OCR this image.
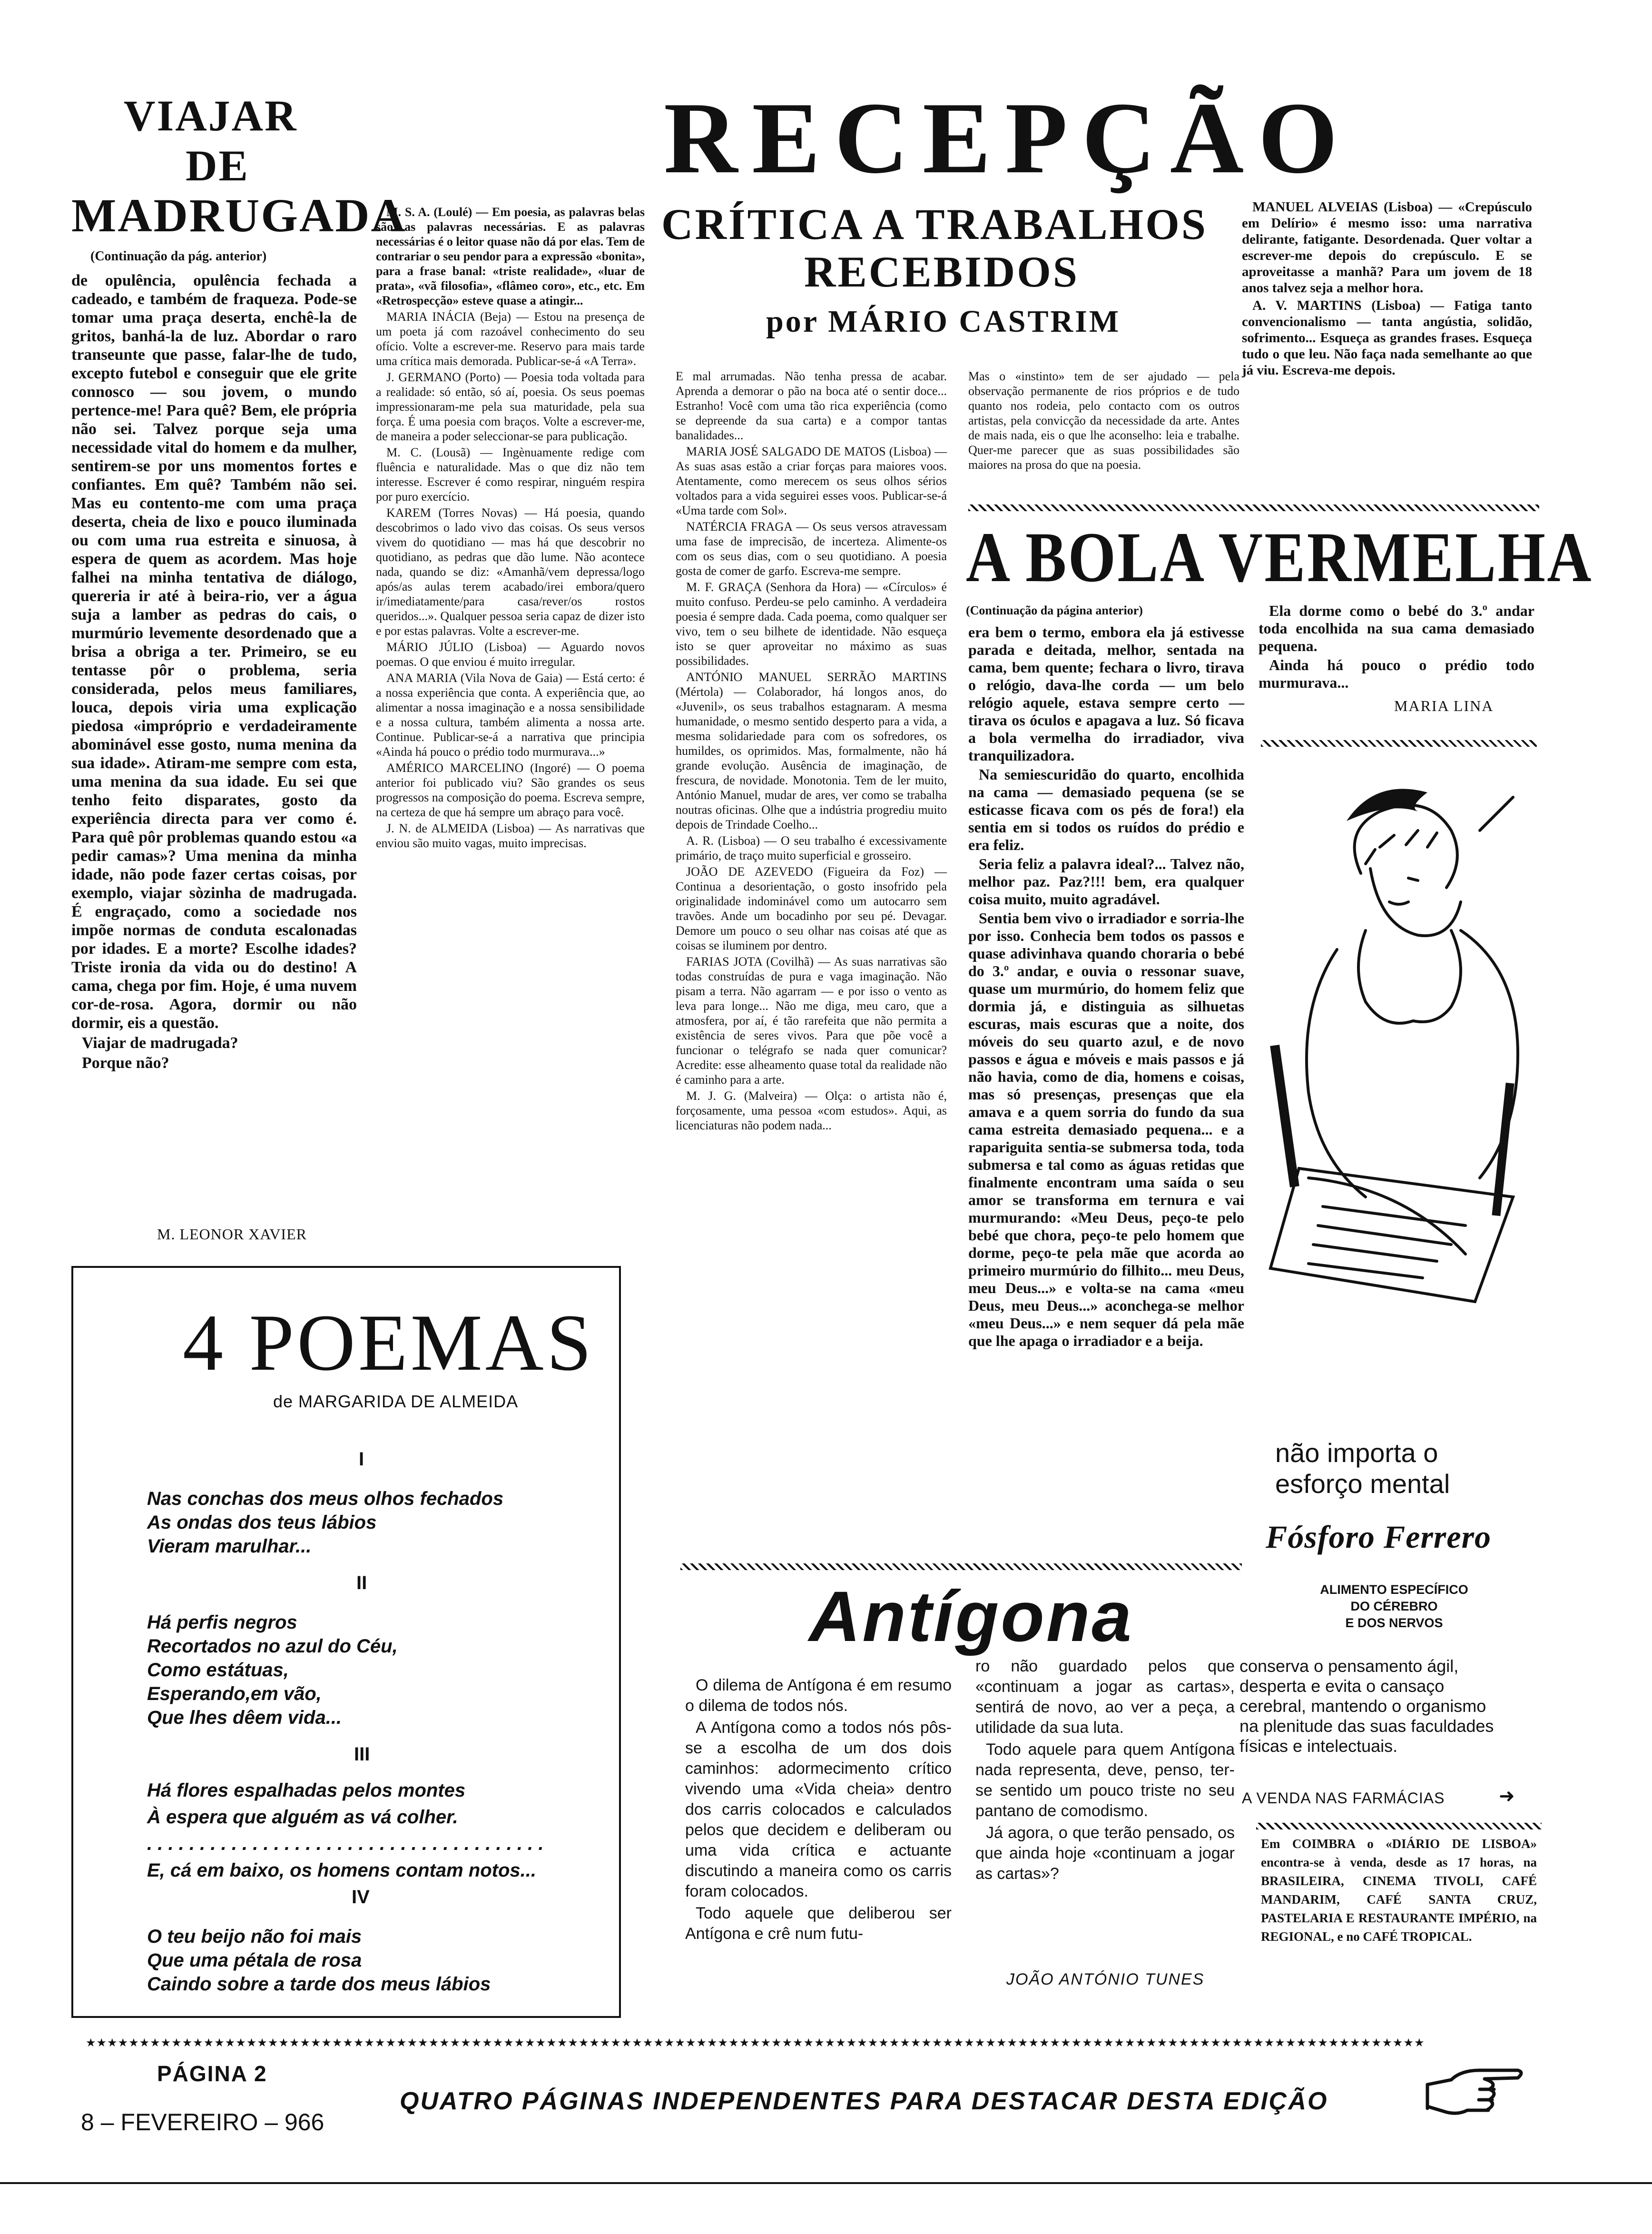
VIAJAR
DE
MADRUGADA
(Continuação da pág. anterior)

de opulência, opulência fechada a cadeado, e também de fraqueza. Pode-se tomar uma praça deserta, enchê-la de gritos, banhá-la de luz. Abordar o raro transeunte que passe, falar-lhe de tudo, excepto futebol e conseguir que ele grite connosco — sou jovem, o mundo pertence-me! Para quê? Bem, ele própria não sei. Talvez porque seja uma necessidade vital do homem e da mulher, sentirem-se por uns momentos fortes e confiantes. Em quê? Também não sei. Mas eu contento-me com uma praça deserta, cheia de lixo e pouco iluminada ou com uma rua estreita e sinuosa, à espera de quem as acordem. Mas hoje falhei na minha tentativa de diálogo, quereria ir até à beira-rio, ver a água suja a lamber as pedras do cais, o murmúrio levemente desordenado que a brisa a obriga a ter. Primeiro, se eu tentasse pôr o problema, seria considerada, pelos meus familiares, louca, depois viria uma explicação piedosa «impróprio e verdadeiramente abominável esse gosto, numa menina da sua idade». Atiram-me sempre com esta, uma menina da sua idade. Eu sei que tenho feito disparates, gosto da experiência directa para ver como é. Para quê pôr problemas quando estou «a pedir camas»? Uma menina da minha idade, não pode fazer certas coisas, por exemplo, viajar sòzinha de madrugada. É engraçado, como a sociedade nos impõe normas de conduta escalonadas por idades. E a morte? Escolhe idades? Triste ironia da vida ou do destino! A cama, chega por fim. Hoje, é uma nuvem cor-de-rosa. Agora, dormir ou não dormir, eis a questão.

Viajar de madrugada?

Porque não?

M. LEONOR XAVIER
RECEPÇÃO
CRÍTICA A TRABALHOS
RECEBIDOS
por MÁRIO CASTRIM

M. S. A. (Loulé) — Em poesia, as palavras belas são as palavras necessárias. E as palavras necessárias é o leitor quase não dá por elas. Tem de contrariar o seu pendor para a expressão «bonita», para a frase banal: «triste realidade», «luar de prata», «vã filosofia», «flâmeo coro», etc., etc. Em «Retrospecção» esteve quase a atingir...

MARIA INÁCIA (Beja) — Estou na presença de um poeta já com razoável conhecimento do seu ofício. Volte a escrever-me. Reservo para mais tarde uma crítica mais demorada. Publicar-se-á «A Terra».

J. GERMANO (Porto) — Poesia toda voltada para a realidade: só então, só aí, poesia. Os seus poemas impressionaram-me pela sua maturidade, pela sua força. É uma poesia com braços. Volte a escrever-me, de maneira a poder seleccionar-se para publicação.

M. C. (Lousã) — Ingènuamente redige com fluência e naturalidade. Mas o que diz não tem interesse. Escrever é como respirar, ninguém respira por puro exercício.

KAREM (Torres Novas) — Há poesia, quando descobrimos o lado vivo das coisas. Os seus versos vivem do quotidiano — mas há que descobrir no quotidiano, as pedras que dão lume. Não acontece nada, quando se diz: «Amanhã/vem depressa/logo após/as aulas terem acabado/irei embora/quero ir/imediatamente/para casa/rever/os rostos queridos...». Qualquer pessoa seria capaz de dizer isto e por estas palavras. Volte a escrever-me.

MÁRIO JÚLIO (Lisboa) — Aguardo novos poemas. O que enviou é muito irregular.

ANA MARIA (Vila Nova de Gaia) — Está certo: é a nossa experiência que conta. A experiência que, ao alimentar a nossa imaginação e a nossa sensibilidade e a nossa cultura, também alimenta a nossa arte. Continue. Publicar-se-á a narrativa que principia «Ainda há pouco o prédio todo murmurava...»

AMÉRICO MARCELINO (Ingoré) — O poema anterior foi publicado viu? São grandes os seus progressos na composição do poema. Escreva sempre, na certeza de que há sempre um abraço para você.

J. N. de ALMEIDA (Lisboa) — As narrativas que enviou são muito vagas, muito imprecisas.

E mal arrumadas. Não tenha pressa de acabar. Aprenda a demorar o pão na boca até o sentir doce... Estranho! Você com uma tão rica experiência (como se depreende da sua carta) e a compor tantas banalidades...

MARIA JOSÉ SALGADO DE MATOS (Lisboa) — As suas asas estão a criar forças para maiores voos. Atentamente, como merecem os seus olhos sérios voltados para a vida seguirei esses voos. Publicar-se-á «Uma tarde com Sol».

NATÉRCIA FRAGA — Os seus versos atravessam uma fase de imprecisão, de incerteza. Alimente-os com os seus dias, com o seu quotidiano. A poesia gosta de comer de garfo. Escreva-me sempre.

M. F. GRAÇA (Senhora da Hora) — «Círculos» é muito confuso. Perdeu-se pelo caminho. A verdadeira poesia é sempre dada. Cada poema, como qualquer ser vivo, tem o seu bilhete de identidade. Não esqueça isto se quer aproveitar no máximo as suas possibilidades.

ANTÓNIO MANUEL SERRÃO MARTINS (Mértola) — Colaborador, há longos anos, do «Juvenil», os seus trabalhos estagnaram. A mesma humanidade, o mesmo sentido desperto para a vida, a mesma solidariedade para com os sofredores, os humildes, os oprimidos. Mas, formalmente, não há grande evolução. Ausência de imaginação, de frescura, de novidade. Monotonia. Tem de ler muito, António Manuel, mudar de ares, ver como se trabalha noutras oficinas. Olhe que a indústria progrediu muito depois de Trindade Coelho...

A. R. (Lisboa) — O seu trabalho é excessivamente primário, de traço muito superficial e grosseiro.

JOÃO DE AZEVEDO (Figueira da Foz) — Continua a desorientação, o gosto insofrido pela originalidade indominável como um autocarro sem travões. Ande um bocadinho por seu pé. Devagar. Demore um pouco o seu olhar nas coisas até que as coisas se iluminem por dentro.

FARIAS JOTA (Covilhã) — As suas narrativas são todas construídas de pura e vaga imaginação. Não pisam a terra. Não agarram — e por isso o vento as leva para longe... Não me diga, meu caro, que a atmosfera, por aí, é tão rarefeita que não permita a existência de seres vivos. Para que põe você a funcionar o telégrafo se nada quer comunicar? Acredite: esse alheamento quase total da realidade não é caminho para a arte.

M. J. G. (Malveira) — Olça: o artista não é, forçosamente, uma pessoa «com estudos». Aqui, as licenciaturas não podem nada...

Mas o «instinto» tem de ser ajudado — pela observação permanente de rios próprios e de tudo quanto nos rodeia, pelo contacto com os outros artistas, pela convicção da necessidade da arte. Antes de mais nada, eis o que lhe aconselho: leia e trabalhe. Quer-me parecer que as suas possibilidades são maiores na prosa do que na poesia.

MANUEL ALVEIAS (Lisboa) — «Crepúsculo em Delírio» é mesmo isso: uma narrativa delirante, fatigante. Desordenada. Quer voltar a escrever-me depois do crepúsculo. E se aproveitasse a manhã? Para um jovem de 18 anos talvez seja a melhor hora.

A. V. MARTINS (Lisboa) — Fatiga tanto convencionalismo — tanta angústia, solidão, sofrimento... Esqueça as grandes frases. Esqueça tudo o que leu. Não faça nada semelhante ao que já viu. Escreva-me depois.

A BOLA VERMELHA
(Continuação da página anterior)

era bem o termo, embora ela já estivesse parada e deitada, melhor, sentada na cama, bem quente; fechara o livro, tirava o relógio, dava-lhe corda — um belo relógio aquele, estava sempre certo — tirava os óculos e apagava a luz. Só ficava a bola vermelha do irradiador, viva tranquilizadora.

Na semiescuridão do quarto, encolhida na cama — demasiado pequena (se se esticasse ficava com os pés de fora!) ela sentia em si todos os ruídos do prédio e era feliz.

Seria feliz a palavra ideal?... Talvez não, melhor paz. Paz?!!! bem, era qualquer coisa muito, muito agradável.

Sentia bem vivo o irradiador e sorria-lhe por isso. Conhecia bem todos os passos e quase adivinhava quando choraria o bebé do 3.º andar, e ouvia o ressonar suave, quase um murmúrio, do homem feliz que dormia já, e distinguia as silhuetas escuras, mais escuras que a noite, dos móveis do seu quarto azul, e de novo passos e água e móveis e mais passos e já não havia, como de dia, homens e coisas, mas só presenças, presenças que ela amava e a quem sorria do fundo da sua cama estreita demasiado pequena... e a rapariguita sentia-se submersa toda, toda submersa e tal como as águas retidas que finalmente encontram uma saída o seu amor se transforma em ternura e vai murmurando: «Meu Deus, peço-te pelo bebé que chora, peço-te pelo homem que dorme, peço-te pela mãe que acorda ao primeiro murmúrio do filhito... meu Deus, meu Deus...» e volta-se na cama «meu Deus, meu Deus...» aconchega-se melhor «meu Deus...» e nem sequer dá pela mãe que lhe apaga o irradiador e a beija.

Ela dorme como o bebé do 3.º andar toda encolhida na sua cama demasiado pequena.

Ainda há pouco o prédio todo murmurava...

MARIA LINA
não importa o
esforço mental
Fósforo Ferrero
ALIMENTO ESPECÍFICO
DO CÉREBRO
E DOS NERVOS
conserva o pensamento ágil, desperta e evita o cansaço cerebral, mantendo o organismo na plenitude das suas faculdades físicas e intelectuais.
A VENDA NAS FARMÁCIAS	➜
Em COIMBRA o «DIÁRIO DE LISBOA» encontra-se à venda, desde as 17 horas, na BRASILEIRA, CINEMA TIVOLI, CAFÉ MANDARIM, CAFÉ SANTA CRUZ, PASTELARIA E RESTAURANTE IMPÉRIO, na REGIONAL, e no CAFÉ TROPICAL.
4 POEMAS
de MARGARIDA DE ALMEIDA
I
Nas conchas dos meus olhos fechados
As ondas dos teus lábios
Vieram marulhar...
II
Há perfis negros
Recortados no azul do Céu,
Como estátuas,
Esperando,em vão,
Que lhes dêem vida...
III
Há flores espalhadas pelos montes
À espera que alguém as vá colher.
. . . . . . . . . . . . . . . . . . . . . . . . . . . . . . . . . . . . . .
E, cá em baixo, os homens contam notos...
IV
O teu beijo não foi mais
Que uma pétala de rosa
Caindo sobre a tarde dos meus lábios
Antígona

O dilema de Antígona é em resumo o dilema de todos nós.

A Antígona como a todos nós pôs-se a escolha de um dos dois caminhos: adormecimento crítico vivendo uma «Vida cheia» dentro dos carris colocados e calculados pelos que decidem e deliberam ou uma vida crítica e actuante discutindo a maneira como os carris foram colocados.

Todo aquele que deliberou ser Antígona e crê num futu-

ro não guardado pelos que «continuam a jogar as cartas», sentirá de novo, ao ver a peça, a utilidade da sua luta.

Todo aquele para quem Antígona nada representa, deve, penso, ter-se sentido um pouco triste no seu pantano de comodismo.

Já agora, o que terão pensado, os que ainda hoje «continuam a jogar as cartas»?

JOÃO ANTÓNIO TUNES
★★★★★★★★★★★★★★★★★★★★★★★★★★★★★★★★★★★★★★★★★★★★★★★★★★★★★★★★★★★★★★★★★★★★★★★★★★★★★★★★★★★★★★★★★★★★★★★★★★★★★★★★★★★★★★★★★★★★★★★★★★★★★
PÁGINA 2
8 – FEVEREIRO – 966
QUATRO PÁGINAS INDEPENDENTES PARA DESTACAR DESTA EDIÇÃO
